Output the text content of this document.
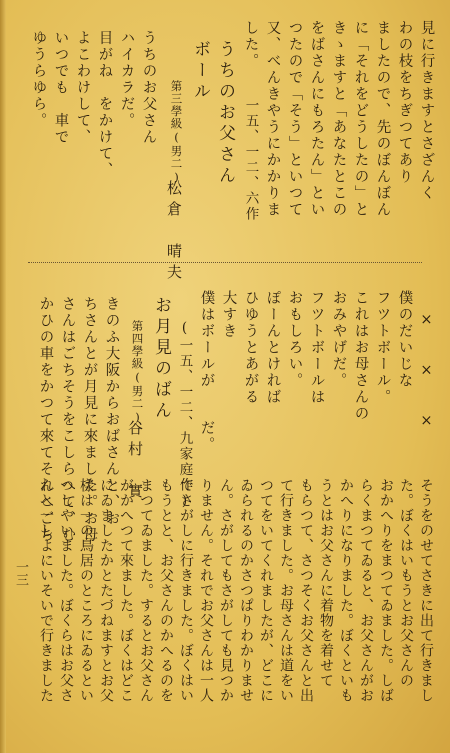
見に行きますとさざんく
わの枝をちぎつてあり
ましたので、先のぼんぼん
に「それをどうしたの」と
きゝますと「あなたとこの
をばさんにもろたん」とい
つたので「そう」といつて
又、べんきやうにかかりま
した。
一五、一二、六作
うちのお父さん
ボール
第三學級(男二)
松倉　晴夫
うちのお父さん
ハイカラだ。
目がね　をかけて、
よこわけして、
いつでも　車で
ゆうらゆら。
×　×　×
僕のだいじな
フツトボール。
これはお母さんの
おみやげだ。
フツトボールは
おもしろい。
ぽーんとければ
ひゆうとあがる
大すき
僕はボールが
だ。
(一五、一二、九家庭作)
お月見のばん
第四學級(男二)
谷村　實
きのふ大阪からおばさんと、お
ちさんとが月見に來ました。お母
さんはごちそうをこしらへて、む
かひの車をかつて來てそれへごち
そうをのせてさきに出て行きまし
た。ぼくはいもうとお父さんの
おかへりをまつてゐました。しば
らくまつてゐると、お父さんがお
かへりになりました。ぼくといも
うとはお父さんに着物を着せて
もらつて、さつそくお父さんと出
て行きました。お母さんは道をい
つてをいてくれましたが、どこに
ゐられるのかさつぱりわかりませ
ん。さがしてもさがしても見つか
りません。それでお父さんは一人
でさがしに行きました。ぼくはい
もうとと、お父さんのかへるのを
まつてゐました。するとお父さん
がかへつて來ました。ぼくはどこ
にゐましたかとたづねますとお父
樣は一の鳥居のところにゐるとい
つしやいました。ぼくらはお父さ
んと一しよにいそいで行きました
一三
